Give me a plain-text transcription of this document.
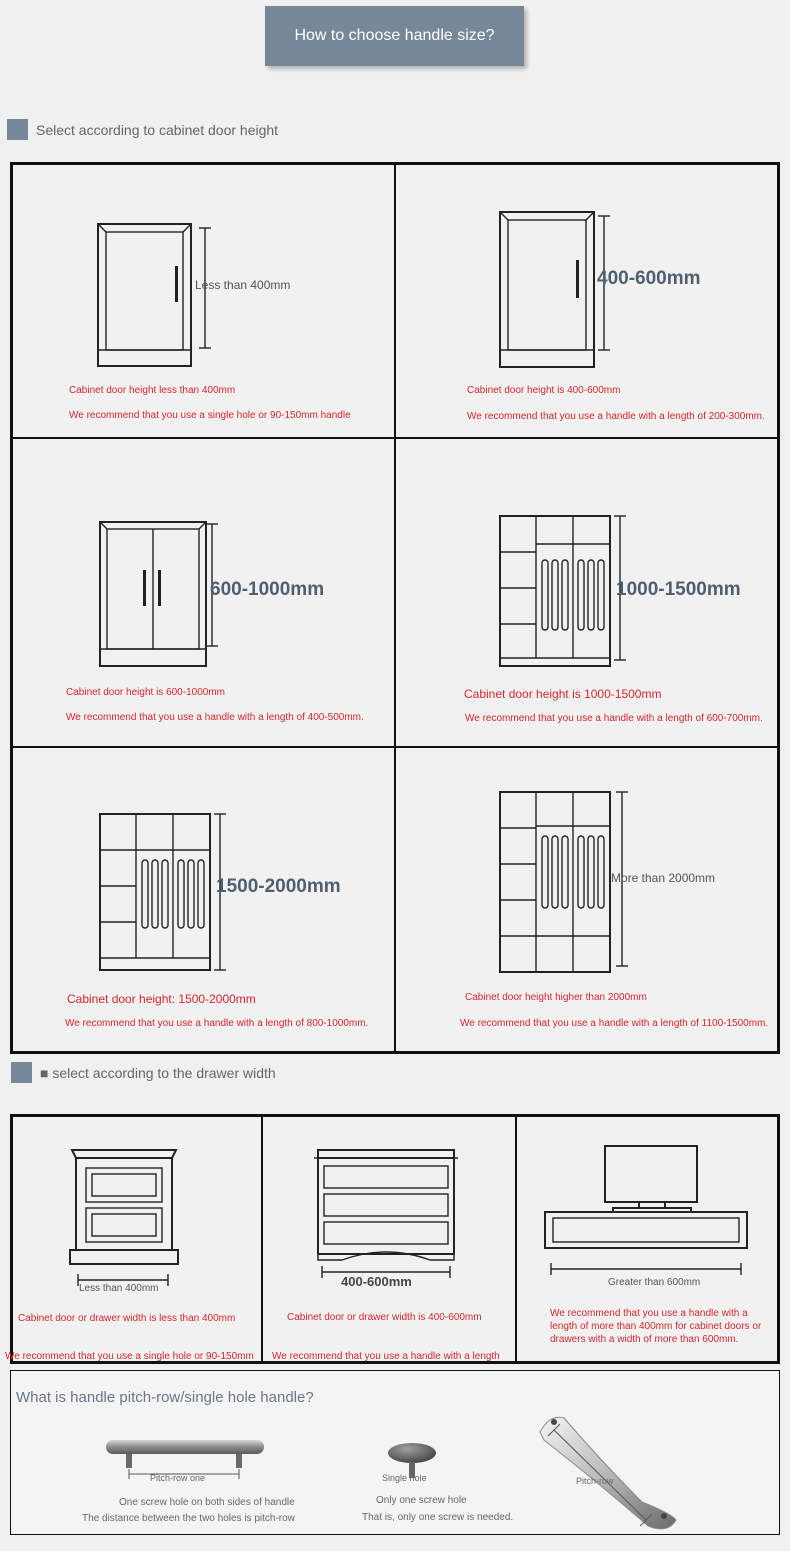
How to choose handle size?
Select according to cabinet door height
Less than 400mm
Cabinet door height less than 400mm
We recommend that you use a single hole or 90-150mm handle
400-600mm
Cabinet door height is 400-600mm
We recommend that you use a handle with a length of 200-300mm.
600-1000mm
Cabinet door height is 600-1000mm
We recommend that you use a handle with a length of 400-500mm.
1000-1500mm
Cabinet door height is 1000-1500mm
We recommend that you use a handle with a length of 600-700mm.
1500-2000mm
Cabinet door height: 1500-2000mm
We recommend that you use a handle with a length of 800-1000mm.
More than 2000mm
Cabinet door height higher than 2000mm
We recommend that you use a handle with a length of 1100-1500mm.
■ select according to the drawer width
Less than 400mm
Cabinet door or drawer width is less than 400mm
We recommend that you use a single hole or 90-150mm
400-600mm
Cabinet door or drawer width is 400-600mm
We recommend that you use a handle with a length
Greater than 600mm
We recommend that you use a handle with a
length of more than 400mm for cabinet doors or
drawers with a width of more than 600mm.
What is handle pitch-row/single hole handle?
Pitch-row one
One screw hole on both sides of handle
The distance between the two holes is pitch-row
Single hole
Only one screw hole
That is, only one screw is needed.
Pitch-row
